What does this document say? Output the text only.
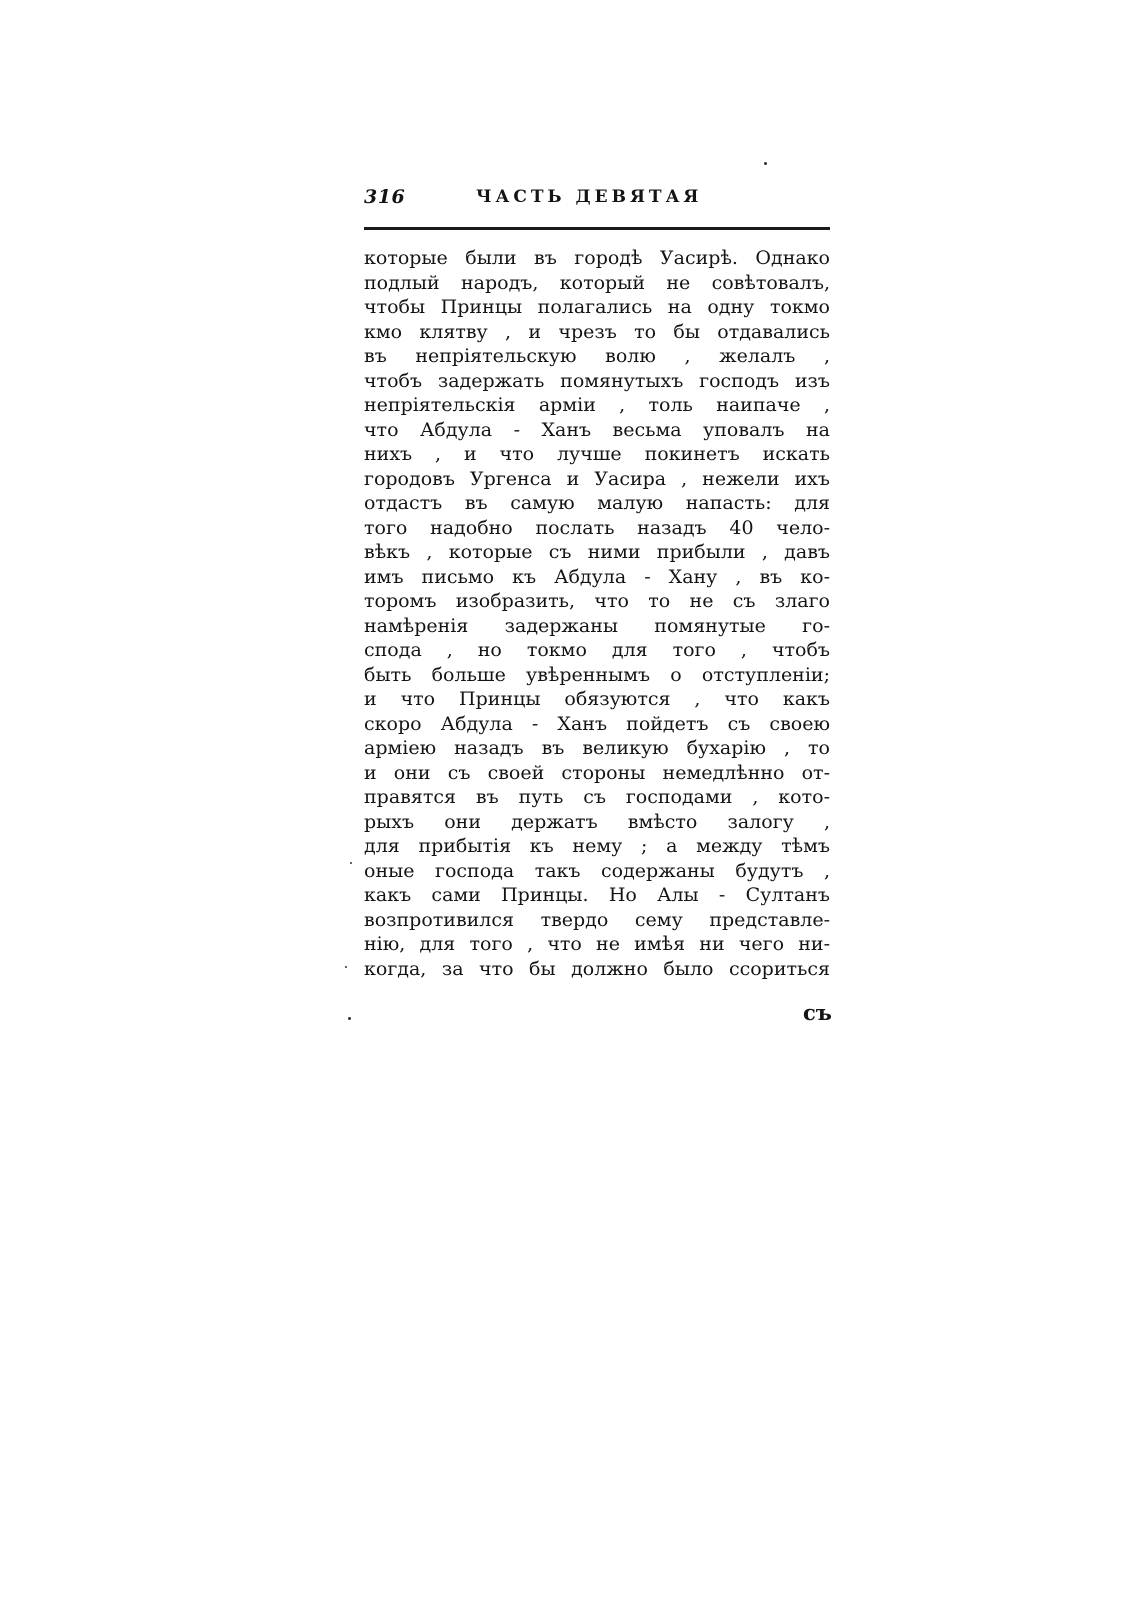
316	ЧАСТЬ ДЕВЯТАЯ
которые были въ городѣ Уасирѣ. Однако
подлый народъ, который не совѣтовалъ,
чтобы Принцы полагались на одну токмо
кмо клятву , и чрезъ то бы отдавались
въ непріятельскую волю , желалъ ,
чтобъ задержать помянутыхъ господъ изъ
непріятельскія арміи , толь наипаче ,
что Абдула - Ханъ весьма уповалъ на
нихъ , и что лучше покинетъ искать
городовъ Ургенса и Уасира , нежели ихъ
отдастъ въ самую малую напасть: для
того надобно послать назадъ 40 чело-
вѣкъ , которые съ ними прибыли , давъ
имъ письмо къ Абдула - Хану , въ ко-
торомъ изобразить, что то не съ злаго
намѣренія задержаны помянутые го-
спода , но токмо для того , чтобъ
быть больше увѣреннымъ о отступленіи;
и что Принцы обязуются , что какъ
скоро Абдула - Ханъ пойдетъ съ своею
арміею назадъ въ великую бухарію , то
и они съ своей стороны немедлѣнно от-
правятся въ путь съ господами , кото-
рыхъ они держатъ вмѣсто залогу ,
для прибытія къ нему ; а между тѣмъ
оные господа такъ содержаны будутъ ,
какъ сами Принцы. Но Алы - Султанъ
возпротивился твердо сему представле-
нію, для того , что не имѣя ни чего ни-
когда, за что бы должно было ссориться
съ
